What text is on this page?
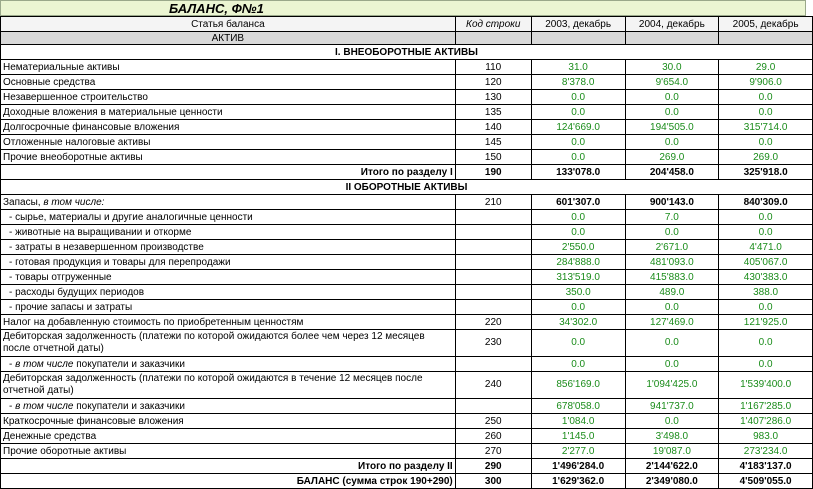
БАЛАНС, Ф№1
Статья баланса	Код строки	2003, декабрь	2004, декабрь	2005, декабрь
АКТИВ				
I. ВНЕОБОРОТНЫЕ АКТИВЫ				
Нематериальные активы	110	31.0	30.0	29.0
Основные средства	120	8'378.0	9'654.0	9'906.0
Незавершенное строительство	130	0.0	0.0	0.0
Доходные вложения в материальные ценности	135	0.0	0.0	0.0
Долгосрочные финансовые вложения	140	124'669.0	194'505.0	315'714.0
Отложенные налоговые активы	145	0.0	0.0	0.0
Прочие внеоборотные активы	150	0.0	269.0	269.0
Итого по разделу I	190	133'078.0	204'458.0	325'918.0
II ОБОРОТНЫЕ АКТИВЫ				
Запасы, в том числе:	210	601'307.0	900'143.0	840'309.0
- сырье, материалы и другие аналогичные ценности		0.0	7.0	0.0
- животные на выращивании и откорме		0.0	0.0	0.0
- затраты в незавершенном производстве		2'550.0	2'671.0	4'471.0
- готовая продукция и товары для перепродажи		284'888.0	481'093.0	405'067.0
- товары отгруженные		313'519.0	415'883.0	430'383.0
- расходы будущих периодов		350.0	489.0	388.0
- прочие запасы и затраты		0.0	0.0	0.0
Налог на добавленную стоимость по приобретенным ценностям	220	34'302.0	127'469.0	121'925.0
Дебиторская задолженность (платежи по которой ожидаются более чем через 12 месяцев после отчетной даты)	230	0.0	0.0	0.0
- в том числе покупатели и заказчики		0.0	0.0	0.0
Дебиторская задолженность (платежи по которой ожидаются в течение 12 месяцев после отчетной даты)	240	856'169.0	1'094'425.0	1'539'400.0
- в том числе покупатели и заказчики		678'058.0	941'737.0	1'167'285.0
Краткосрочные финансовые вложения	250	1'084.0	0.0	1'407'286.0
Денежные средства	260	1'145.0	3'498.0	983.0
Прочие оборотные активы	270	2'277.0	19'087.0	273'234.0
Итого по разделу II	290	1'496'284.0	2'144'622.0	4'183'137.0
БАЛАНС (сумма строк 190+290)	300	1'629'362.0	2'349'080.0	4'509'055.0
